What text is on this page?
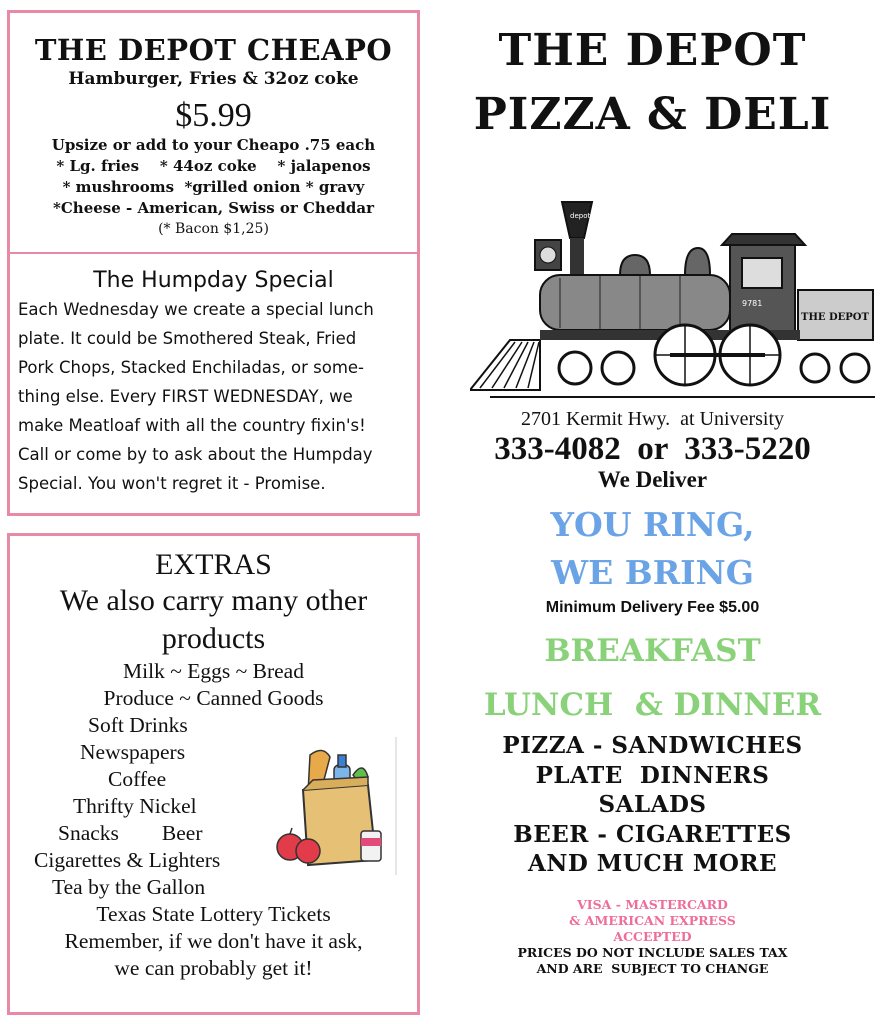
THE DEPOT CHEAPO
Hamburger, Fries & 32oz coke
$5.99
Upsize or add to your Cheapo .75 each
* Lg. fries    * 44oz coke    * jalapenos
* mushrooms  *grilled onion * gravy
*Cheese - American, Swiss or Cheddar
(* Bacon $1,25)
The Humpday Special
Each Wednesday we create a special lunch
plate. It could be Smothered Steak, Fried
Pork Chops, Stacked Enchiladas, or some-
thing else. Every FIRST WEDNESDAY, we
make Meatloaf with all the country fixin's!
Call or come by to ask about the Humpday
Special. You won't regret it - Promise.
EXTRAS
We also carry many other
products
Milk ~ Eggs ~ Bread
Produce ~ Canned Goods
Soft Drinks
Newspapers
Coffee
Thrifty Nickel
Snacks        Beer
Cigarettes & Lighters
Tea by the Gallon
Texas State Lottery Tickets
Remember, if we don't have it ask,
we can probably get it!
THE DEPOT
PIZZA & DELI
depot
9781
THE DEPOT
2701 Kermit Hwy.  at University
333-4082  or  333-5220
We Deliver
YOU RING,
WE BRING
Minimum Delivery Fee $5.00
BREAKFAST
LUNCH  & DINNER
PIZZA - SANDWICHES
PLATE  DINNERS
SALADS
BEER - CIGARETTES
AND MUCH MORE
VISA - MASTERCARD
& AMERICAN EXPRESS
ACCEPTED
PRICES DO NOT INCLUDE SALES TAX
AND ARE  SUBJECT TO CHANGE
